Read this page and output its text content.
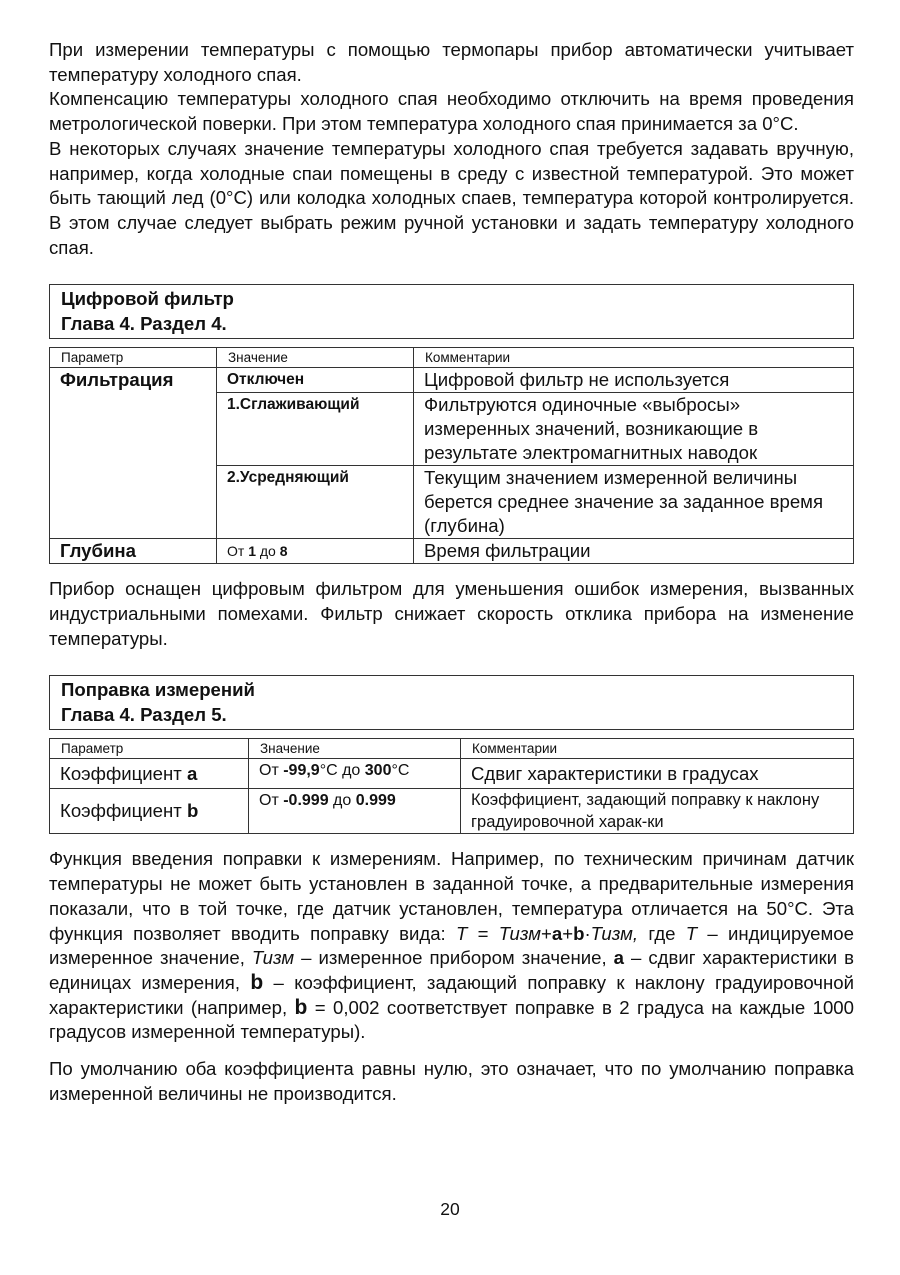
При измерении температуры с помощью термопары прибор автоматически учитывает температуру холодного спая.

Компенсацию температуры холодного спая необходимо отключить на время проведения метрологической поверки. При этом температура холодного спая принимается за 0°C.

В некоторых случаях значение температуры холодного спая требуется задавать вручную, например, когда холодные спаи помещены в среду с известной температурой. Это может быть тающий лед (0°C) или колодка холодных спаев, температура которой контролируется. В этом случае следует выбрать режим ручной установки и задать температуру холодного спая.

Цифровой фильтр
Глава 4. Раздел 4.
Параметр	Значение	Комментарии
Фильтрация	Отключен	Цифровой фильтр не используется
	1.Сглаживающий	Фильтруются одиночные «выбросы» измеренных значений, возникающие в результате электромагнитных наводок
	2.Усредняющий	Текущим значением измеренной величины берется среднее значение за заданное время (глубина)
Глубина	От 1 до 8	Время фильтрации

Прибор оснащен цифровым фильтром для уменьшения ошибок измерения, вызванных индустриальными помехами. Фильтр снижает скорость отклика прибора на изменение температуры.

Поправка измерений
Глава 4. Раздел 5.
Параметр	Значение	Комментарии
Коэффициент a	От -99,9°C до 300°C	Сдвиг характеристики в градусах
Коэффициент b	От -0.999 до 0.999	Коэффициент, задающий поправку к наклону градуировочной харак-ки

Функция введения поправки к измерениям. Например, по техническим причинам датчик температуры не может быть установлен в заданной точке, а предварительные измерения показали, что в той точке, где датчик установлен, температура отличается на 50°C. Эта функция позволяет вводить поправку вида: T = Тизм+a+b·Тизм, где T – индицируемое измеренное значение, Тизм – измеренное прибором значение, a – сдвиг характеристики в единицах измерения, b – коэффициент, задающий поправку к наклону градуировочной характеристики (например, b = 0,002 соответствует поправке в 2 градуса на каждые 1000 градусов измеренной температуры).

По умолчанию оба коэффициента равны нулю, это означает, что по умолчанию поправка измеренной величины не производится.

20
